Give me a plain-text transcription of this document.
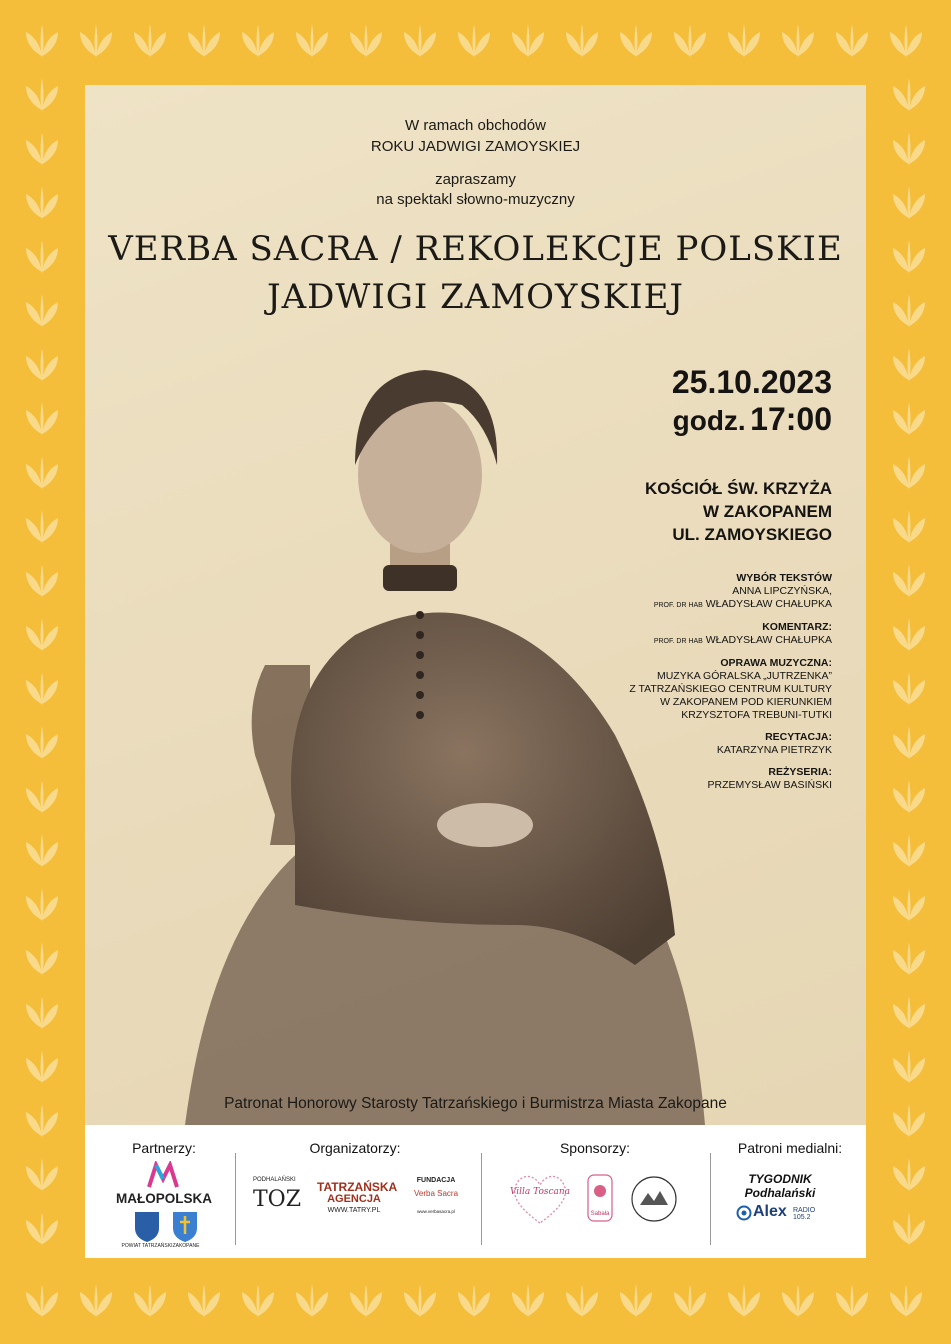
W ramach obchodów
ROKU JADWIGI ZAMOYSKIEJ
zapraszamy
na spektakl słowno-muzyczny
VERBA SACRA / REKOLEKCJE POLSKIE
JADWIGI ZAMOYSKIEJ
25.10.2023
godz. 17:00
KOŚCIÓŁ ŚW. KRZYŻA
W ZAKOPANEM
UL. ZAMOYSKIEGO
WYBÓR TEKSTÓW
ANNA LIPCZYŃSKA,
PROF. DR HAB WŁADYSŁAW CHAŁUPKA
KOMENTARZ:
PROF. DR HAB WŁADYSŁAW CHAŁUPKA
OPRAWA MUZYCZNA:
MUZYKA GÓRALSKA „JUTRZENKA”
Z TATRZAŃSKIEGO CENTRUM KULTURY
W ZAKOPANEM POD KIERUNKIEM
KRZYSZTOFA TREBUNI-TUTKI
RECYTACJA:
KATARZYNA PIETRZYK
REŻYSERIA:
PRZEMYSŁAW BASIŃSKI
Patronat Honorowy Starosty Tatrzańskiego i Burmistrza Miasta Zakopane
Partnerzy:
MAŁOPOLSKA
POWIAT TATRZAŃSKI ZAKOPANE
Organizatorzy:
PODHALAŃSKI
TOZ TATRZAŃSKA
AGENCJA
WWW.TATRY.PL
FUNDACJA
Verba Sacra
www.verbasacra.pl
Sponsorzy:
Villa Toscana
Sabała
Patroni medialni:
TYGODNIK Podhalański
Alex RADIO 105.2
